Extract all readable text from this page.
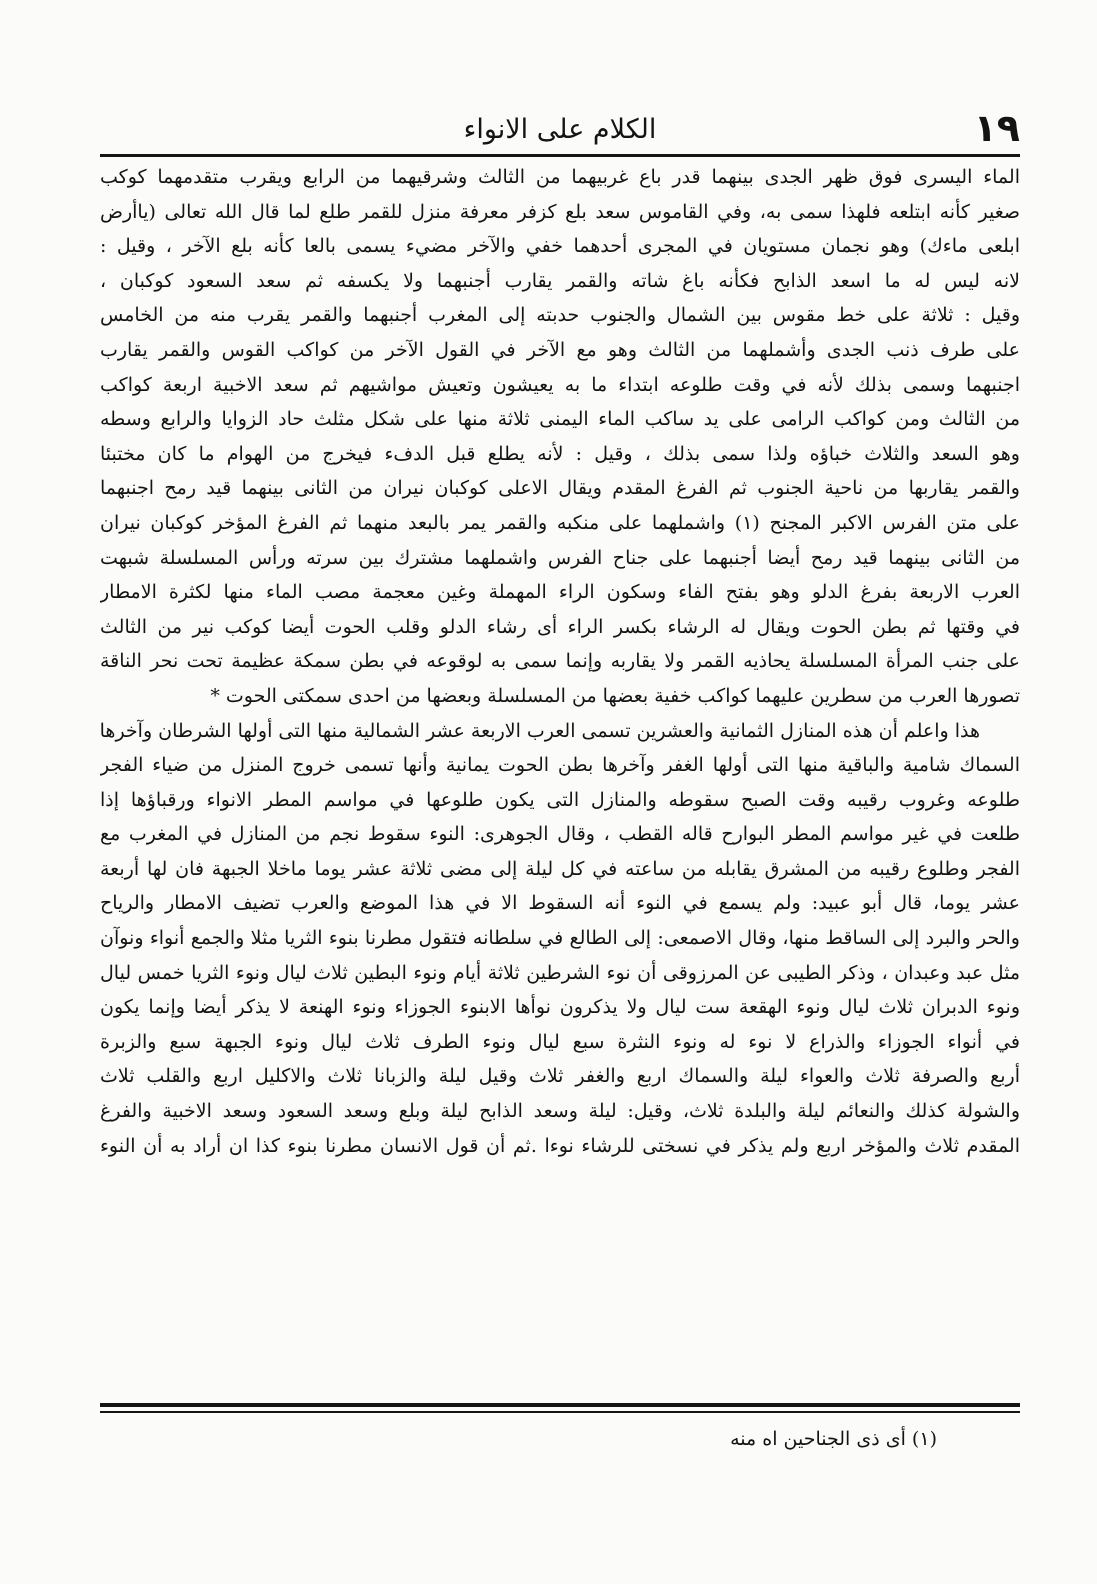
١٩
الكلام على الانواء
الماء اليسرى فوق ظهر الجدى بينهما قدر باع غربيهما من الثالث وشرقيهما من الرابع ويقرب متقدمهما كوكب
صغير كأنه ابتلعه فلهذا سمى به، وفي القاموس سعد بلع كزفر معرفة منزل للقمر طلع لما قال الله تعالى (ياأرض
ابلعى ماءك) وهو نجمان مستويان في المجرى أحدهما خفي والآخر مضيء يسمى بالعا كأنه بلع الآخر ، وقيل :
لانه ليس له ما اسعد الذابح فكأنه باغ شاته والقمر يقارب أجنبهما ولا يكسفه ثم سعد السعود كوكبان ،
وقيل : ثلاثة على خط مقوس بين الشمال والجنوب حدبته إلى المغرب أجنبهما والقمر يقرب منه من الخامس
على طرف ذنب الجدى وأشملهما من الثالث وهو مع الآخر في القول الآخر من كواكب القوس والقمر يقارب
اجنبهما وسمى بذلك لأنه في وقت طلوعه ابتداء ما به يعيشون وتعيش مواشيهم ثم سعد الاخبية اربعة كواكب
من الثالث ومن كواكب الرامى على يد ساكب الماء اليمنى ثلاثة منها على شكل مثلث حاد الزوايا والرابع وسطه
وهو السعد والثلاث خباؤه ولذا سمى بذلك ، وقيل : لأنه يطلع قبل الدفء فيخرج من الهوام ما كان مختبئا
والقمر يقاربها من ناحية الجنوب ثم الفرغ المقدم ويقال الاعلى كوكبان نيران من الثانى بينهما قيد رمح اجنبهما
على متن الفرس الاكبر المجنح (١) واشملهما على منكبه والقمر يمر بالبعد منهما ثم الفرغ المؤخر كوكبان نيران
من الثانى بينهما قيد رمح أيضا أجنبهما على جناح الفرس واشملهما مشترك بين سرته ورأس المسلسلة شبهت
العرب الاربعة بفرغ الدلو وهو بفتح الفاء وسكون الراء المهملة وغين معجمة مصب الماء منها لكثرة الامطار
في وقتها ثم بطن الحوت ويقال له الرشاء بكسر الراء أى رشاء الدلو وقلب الحوت أيضا كوكب نير من الثالث
على جنب المرأة المسلسلة يحاذيه القمر ولا يقاربه وإنما سمى به لوقوعه في بطن سمكة عظيمة تحت نحر الناقة
تصورها العرب من سطرين عليهما كواكب خفية بعضها من المسلسلة وبعضها من احدى سمكتى الحوت *
هذا واعلم أن هذه المنازل الثمانية والعشرين تسمى العرب الاربعة عشر الشمالية منها التى أولها الشرطان وآخرها
السماك شامية والباقية منها التى أولها الغفر وآخرها بطن الحوت يمانية وأنها تسمى خروج المنزل من ضياء الفجر
طلوعه وغروب رقيبه وقت الصبح سقوطه والمنازل التى يكون طلوعها في مواسم المطر الانواء ورقباؤها إذا
طلعت في غير مواسم المطر البوارح قاله القطب ، وقال الجوهرى: النوء سقوط نجم من المنازل في المغرب مع
الفجر وطلوع رقيبه من المشرق يقابله من ساعته في كل ليلة إلى مضى ثلاثة عشر يوما ماخلا الجبهة فان لها أربعة
عشر يوما، قال أبو عبيد: ولم يسمع في النوء أنه السقوط الا في هذا الموضع والعرب تضيف الامطار والرياح
والحر والبرد إلى الساقط منها، وقال الاصمعى: إلى الطالع في سلطانه فتقول مطرنا بنوء الثريا مثلا والجمع أنواء ونوآن
مثل عبد وعبدان ، وذكر الطيبى عن المرزوقى أن نوء الشرطين ثلاثة أيام ونوء البطين ثلاث ليال ونوء الثريا خمس ليال
ونوء الدبران ثلاث ليال ونوء الهقعة ست ليال ولا يذكرون نوأها الابنوء الجوزاء ونوء الهنعة لا يذكر أيضا وإنما يكون
في أنواء الجوزاء والذراع لا نوء له ونوء النثرة سبع ليال ونوء الطرف ثلاث ليال ونوء الجبهة سبع والزبرة
أربع والصرفة ثلاث والعواء ليلة والسماك اربع والغفر ثلاث وقيل ليلة والزبانا ثلاث والاكليل اربع والقلب ثلاث
والشولة كذلك والنعائم ليلة والبلدة ثلاث، وقيل: ليلة وسعد الذابح ليلة وبلع وسعد السعود وسعد الاخبية والفرغ
المقدم ثلاث والمؤخر اربع ولم يذكر في نسختى للرشاء نوءا .ثم أن قول الانسان مطرنا بنوء كذا ان أراد به أن النوء
(١) أى ذى الجناحين اه منه
